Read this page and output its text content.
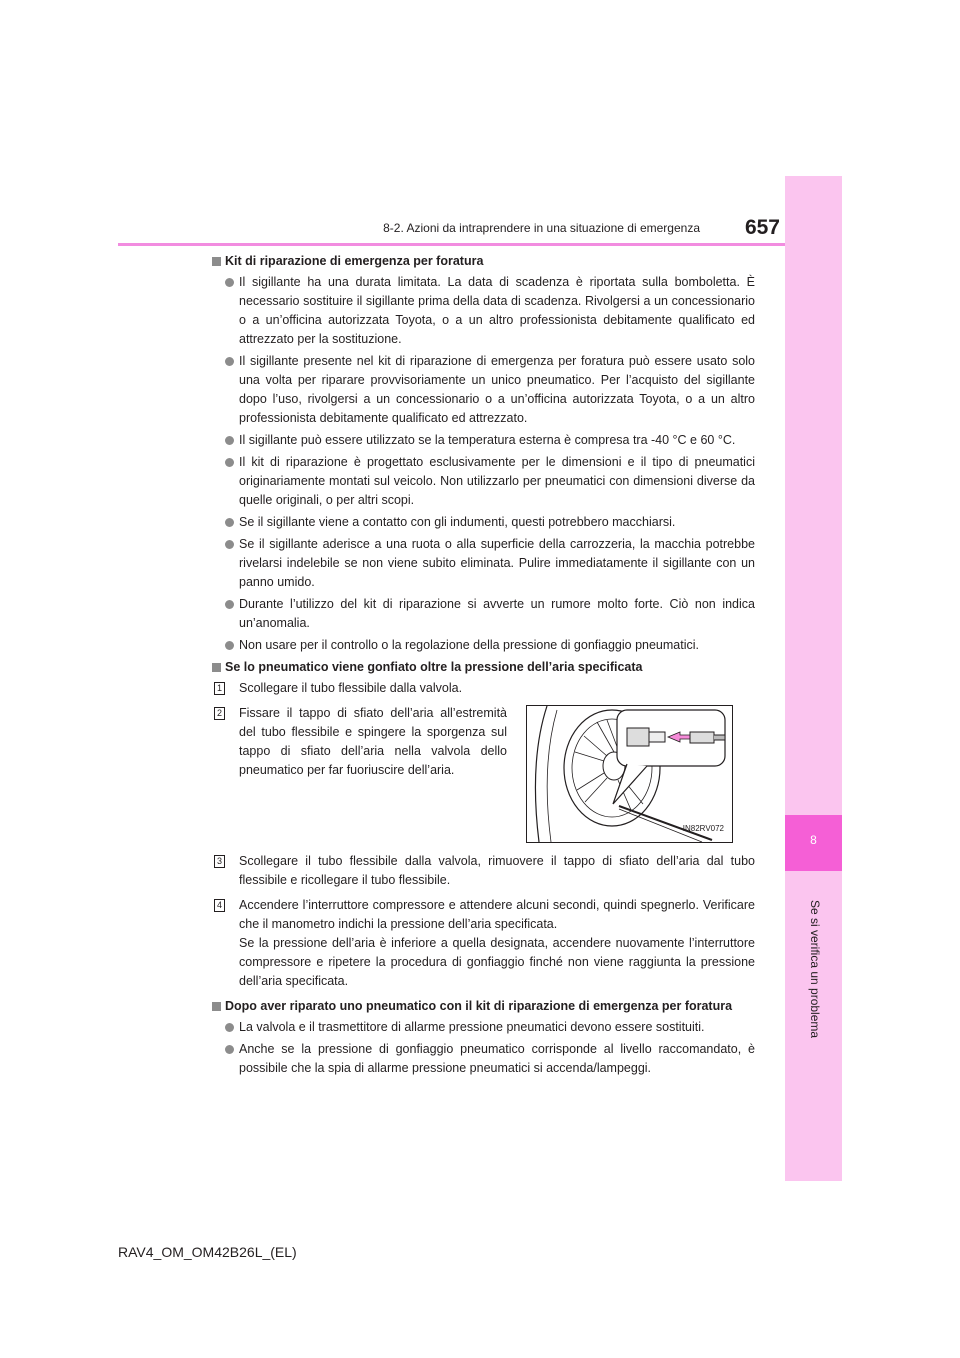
8
Se si verifica un problema
8-2. Azioni da intraprendere in una situazione di emergenza	657
Kit di riparazione di emergenza per foratura
Il sigillante ha una durata limitata. La data di scadenza è riportata sulla bomboletta. È necessario sostituire il sigillante prima della data di scadenza. Rivolgersi a un concessionario o a un’officina autorizzata Toyota, o a un altro professionista debitamente qualificato ed attrezzato per la sostituzione.
Il sigillante presente nel kit di riparazione di emergenza per foratura può essere usato solo una volta per riparare provvisoriamente un unico pneumatico. Per l’acquisto del sigillante dopo l’uso, rivolgersi a un concessionario o a un’officina autorizzata Toyota, o a un altro professionista debitamente qualificato ed attrezzato.
Il sigillante può essere utilizzato se la temperatura esterna è compresa tra -40 °C e 60 °C.
Il kit di riparazione è progettato esclusivamente per le dimensioni e il tipo di pneumatici originariamente montati sul veicolo. Non utilizzarlo per pneumatici con dimensioni diverse da quelle originali, o per altri scopi.
Se il sigillante viene a contatto con gli indumenti, questi potrebbero macchiarsi.
Se il sigillante aderisce a una ruota o alla superficie della carrozzeria, la macchia potrebbe rivelarsi indelebile se non viene subito eliminata. Pulire immediatamente il sigillante con un panno umido.
Durante l’utilizzo del kit di riparazione si avverte un rumore molto forte. Ciò non indica un’anomalia.
Non usare per il controllo o la regolazione della pressione di gonfiaggio pneumatici.
Se lo pneumatico viene gonfiato oltre la pressione dell’aria specificata
1 Scollegare il tubo flessibile dalla valvola.
2 Fissare il tappo di sfiato dell’aria all’estremità del tubo flessibile e spingere la sporgenza sul tappo di sfiato dell’aria nella valvola dello pneumatico per far fuoriuscire dell’aria.
IN82RV072
3 Scollegare il tubo flessibile dalla valvola, rimuovere il tappo di sfiato dell’aria dal tubo flessibile e ricollegare il tubo flessibile.
4 Accendere l’interruttore compressore e attendere alcuni secondi, quindi spegnerlo. Verificare che il manometro indichi la pressione dell’aria specificata.
Se la pressione dell’aria è inferiore a quella designata, accendere nuovamente l’interruttore compressore e ripetere la procedura di gonfiaggio finché non viene raggiunta la pressione dell’aria specificata.
Dopo aver riparato uno pneumatico con il kit di riparazione di emergenza per foratura
La valvola e il trasmettitore di allarme pressione pneumatici devono essere sostituiti.
Anche se la pressione di gonfiaggio pneumatico corrisponde al livello raccomandato, è possibile che la spia di allarme pressione pneumatici si accenda/lampeggi.
RAV4_OM_OM42B26L_(EL)
